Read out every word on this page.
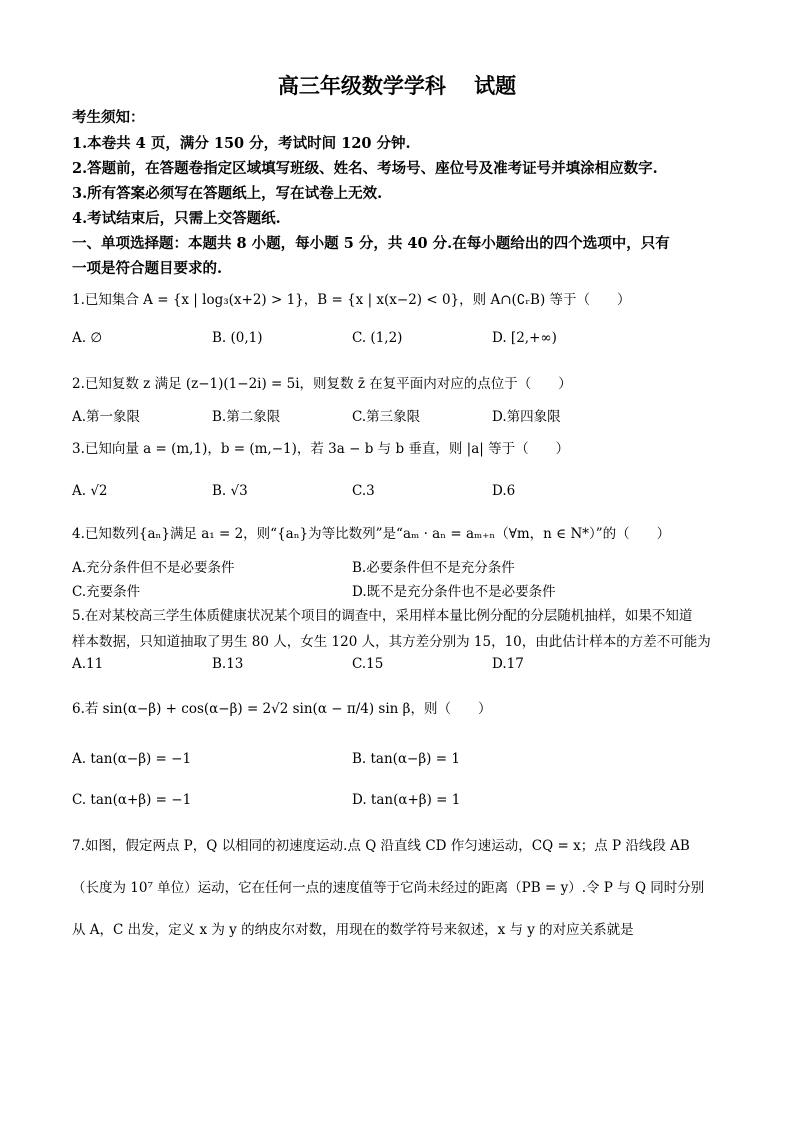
高三年级数学学科　 试题
考生须知：
1.本卷共 4 页，满分 150 分，考试时间 120 分钟.
2.答题前，在答题卷指定区域填写班级、姓名、考场号、座位号及准考证号并填涂相应数字.
3.所有答案必须写在答题纸上，写在试卷上无效.
4.考试结束后，只需上交答题纸.
一、单项选择题：本题共 8 小题，每小题 5 分，共 40 分.在每小题给出的四个选项中，只有
一项是符合题目要求的.
1.已知集合 A = {x | log₃(x+2) > 1}，B = {x | x(x−2) < 0}，则 A∩(∁ᵣB) 等于（　　）
A. ∅	B. (0,1)	C. (1,2)	D. [2,+∞)
2.已知复数 z 满足 (z−1)(1−2i) = 5i，则复数 z̄ 在复平面内对应的点位于（　　）
A.第一象限	B.第二象限	C.第三象限	D.第四象限
3.已知向量 a = (m,1)，b = (m,−1)，若 3a − b 与 b 垂直，则 |a| 等于（　　）
A. √2	B. √3	C.3	D.6
4.已知数列{aₙ}满足 a₁ = 2，则“{aₙ}为等比数列”是“aₘ · aₙ = aₘ₊ₙ（∀m，n ∈ N*）”的（　　）
A.充分条件但不是必要条件	B.必要条件但不是充分条件
C.充要条件	D.既不是充分条件也不是必要条件
5.在对某校高三学生体质健康状况某个项目的调查中，采用样本量比例分配的分层随机抽样，如果不知道
样本数据，只知道抽取了男生 80 人，女生 120 人，其方差分别为 15，10，由此估计样本的方差不可能为
A.11	B.13	C.15	D.17
6.若 sin(α−β) + cos(α−β) = 2√2 sin(α − π/4) sin β，则（　　）
A. tan(α−β) = −1	B. tan(α−β) = 1
C. tan(α+β) = −1	D. tan(α+β) = 1
7.如图，假定两点 P，Q 以相同的初速度运动.点 Q 沿直线 CD 作匀速运动，CQ = x；点 P 沿线段 AB
（长度为 10⁷ 单位）运动，它在任何一点的速度值等于它尚未经过的距离（PB = y）.令 P 与 Q 同时分别
从 A，C 出发，定义 x 为 y 的纳皮尔对数，用现在的数学符号来叙述，x 与 y 的对应关系就是
